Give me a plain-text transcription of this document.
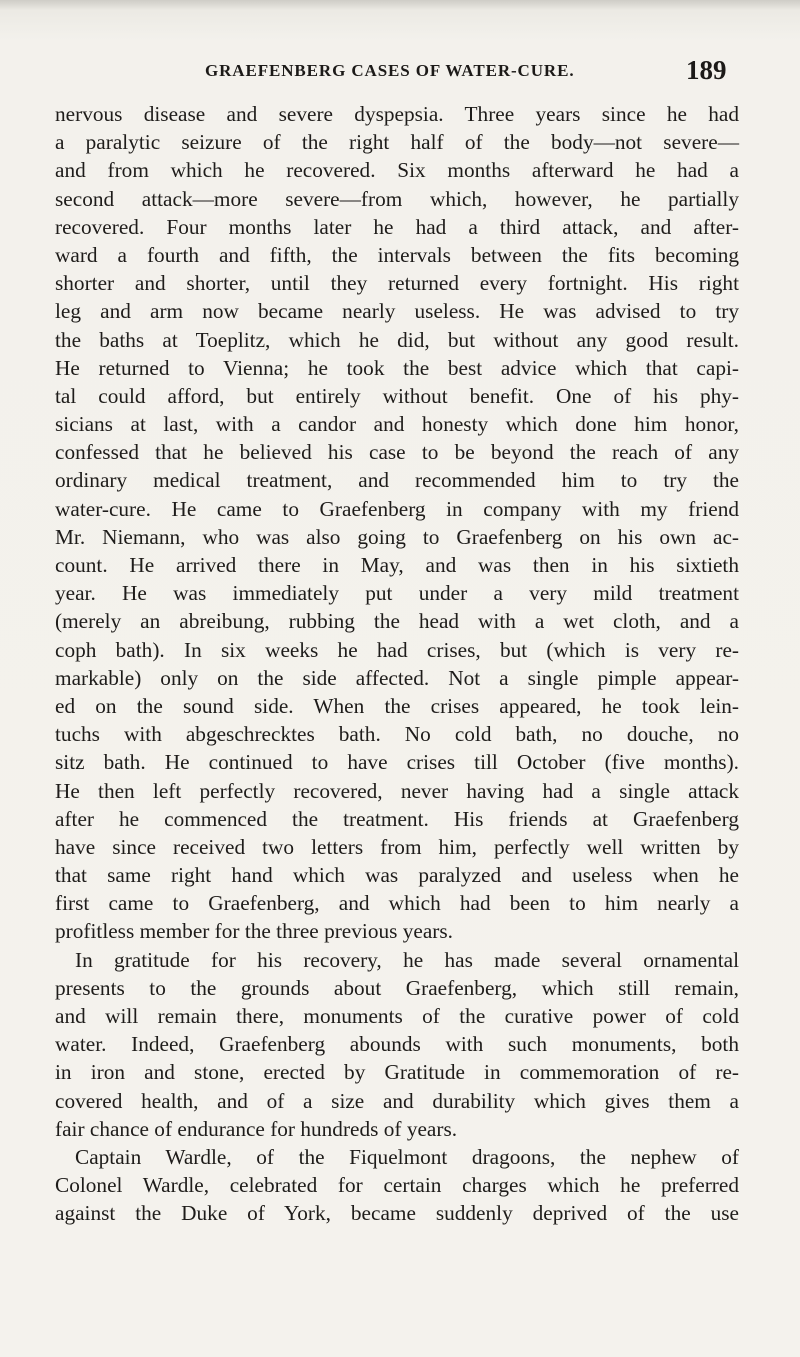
GRAEFENBERG CASES OF WATER-CURE.	189
nervous disease and severe dyspepsia. Three years since he had
a paralytic seizure of the right half of the body—not severe—
and from which he recovered. Six months afterward he had a
second attack—more severe—from which, however, he partially
recovered. Four months later he had a third attack, and after-
ward a fourth and fifth, the intervals between the fits becoming
shorter and shorter, until they returned every fortnight. His right
leg and arm now became nearly useless. He was advised to try
the baths at Toeplitz, which he did, but without any good result.
He returned to Vienna; he took the best advice which that capi-
tal could afford, but entirely without benefit. One of his phy-
sicians at last, with a candor and honesty which done him honor,
confessed that he believed his case to be beyond the reach of any
ordinary medical treatment, and recommended him to try the
water-cure. He came to Graefenberg in company with my friend
Mr. Niemann, who was also going to Graefenberg on his own ac-
count. He arrived there in May, and was then in his sixtieth
year. He was immediately put under a very mild treatment
(merely an abreibung, rubbing the head with a wet cloth, and a
coph bath). In six weeks he had crises, but (which is very re-
markable) only on the side affected. Not a single pimple appear-
ed on the sound side. When the crises appeared, he took lein-
tuchs with abgeschrecktes bath. No cold bath, no douche, no
sitz bath. He continued to have crises till October (five months).
He then left perfectly recovered, never having had a single attack
after he commenced the treatment. His friends at Graefenberg
have since received two letters from him, perfectly well written by
that same right hand which was paralyzed and useless when he
first came to Graefenberg, and which had been to him nearly a
profitless member for the three previous years.
In gratitude for his recovery, he has made several ornamental
presents to the grounds about Graefenberg, which still remain,
and will remain there, monuments of the curative power of cold
water. Indeed, Graefenberg abounds with such monuments, both
in iron and stone, erected by Gratitude in commemoration of re-
covered health, and of a size and durability which gives them a
fair chance of endurance for hundreds of years.
Captain Wardle, of the Fiquelmont dragoons, the nephew of
Colonel Wardle, celebrated for certain charges which he preferred
against the Duke of York, became suddenly deprived of the use
